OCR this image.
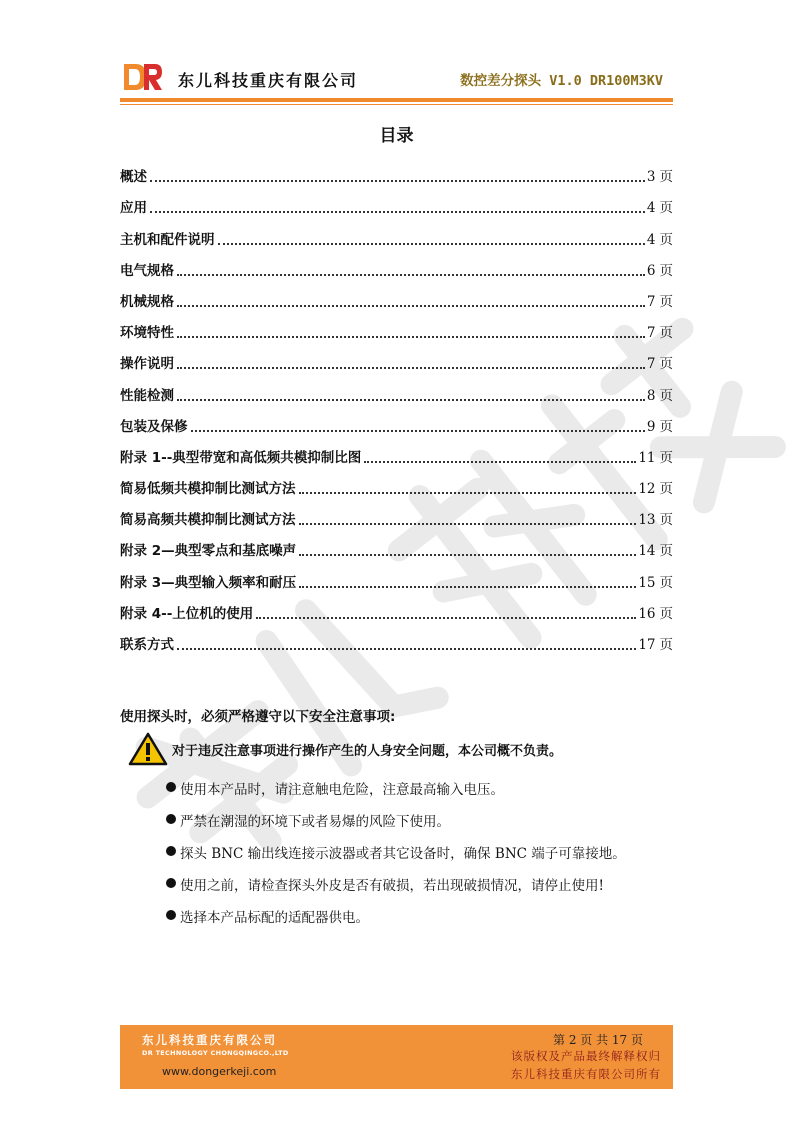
东儿科技
东儿科技重庆有限公司	数控差分探头 V1.0 DR100M3KV
目录
概述	3 页
应用	4 页
主机和配件说明	4 页
电气规格	6 页
机械规格	7 页
环境特性	7 页
操作说明	7 页
性能检测	8 页
包装及保修	9 页
附录 1--典型带宽和高低频共模抑制比图	11 页
简易低频共模抑制比测试方法	12 页
简易高频共模抑制比测试方法	13 页
附录 2—典型零点和基底噪声	14 页
附录 3—典型输入频率和耐压	15 页
附录 4--上位机的使用	16 页
联系方式	17 页
使用探头时，必须严格遵守以下安全注意事项:
对于违反注意事项进行操作产生的人身安全问题，本公司概不负责。
使用本产品时，请注意触电危险，注意最高输入电压。
严禁在潮湿的环境下或者易爆的风险下使用。
探头 BNC 输出线连接示波器或者其它设备时，确保 BNC 端子可靠接地。
使用之前，请检查探头外皮是否有破损，若出现破损情况，请停止使用!
选择本产品标配的适配器供电。
东儿科技重庆有限公司
DR TECHNOLOGY CHONGQINGCO.,LTD
www.dongerkeji.com
第 2 页 共 17 页
该版权及产品最终解释权归
东儿科技重庆有限公司所有
